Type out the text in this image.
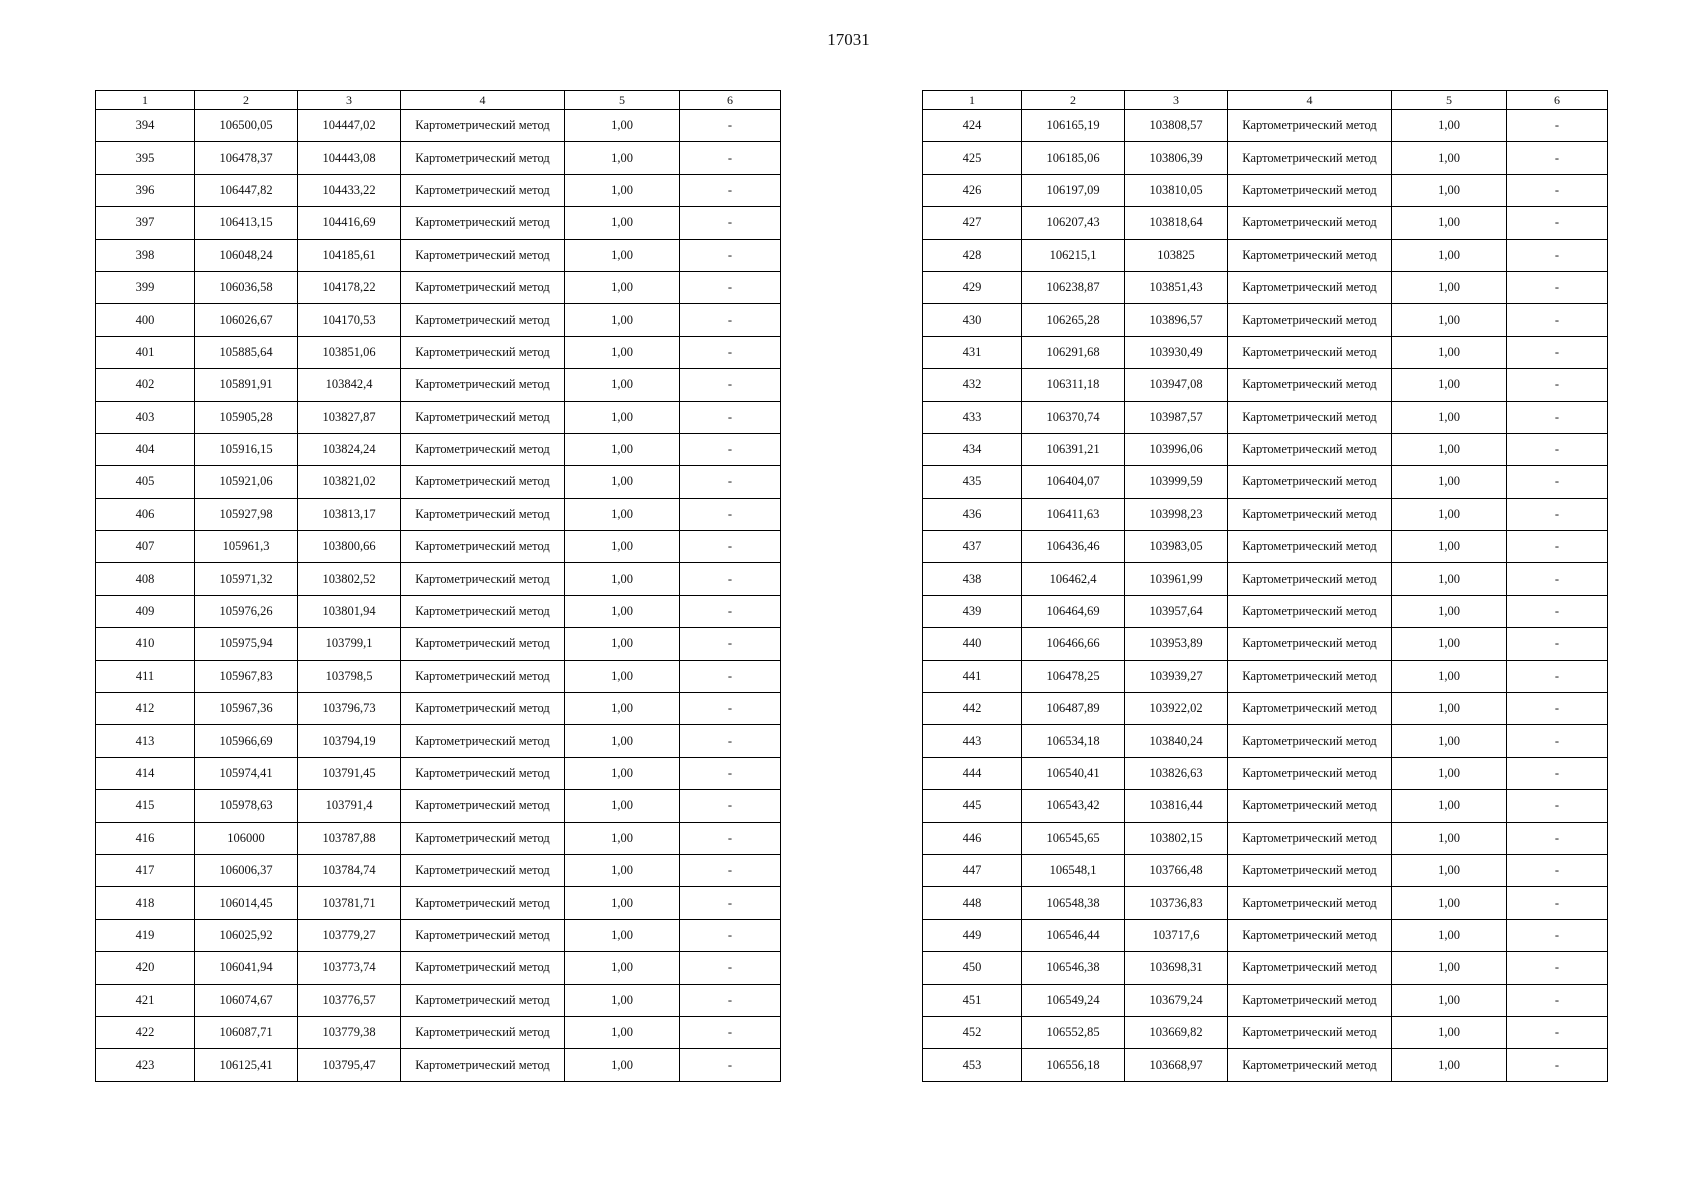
17031
1	2	3	4	5	6
394	106500,05	104447,02	Картометрический метод	1,00	-
395	106478,37	104443,08	Картометрический метод	1,00	-
396	106447,82	104433,22	Картометрический метод	1,00	-
397	106413,15	104416,69	Картометрический метод	1,00	-
398	106048,24	104185,61	Картометрический метод	1,00	-
399	106036,58	104178,22	Картометрический метод	1,00	-
400	106026,67	104170,53	Картометрический метод	1,00	-
401	105885,64	103851,06	Картометрический метод	1,00	-
402	105891,91	103842,4	Картометрический метод	1,00	-
403	105905,28	103827,87	Картометрический метод	1,00	-
404	105916,15	103824,24	Картометрический метод	1,00	-
405	105921,06	103821,02	Картометрический метод	1,00	-
406	105927,98	103813,17	Картометрический метод	1,00	-
407	105961,3	103800,66	Картометрический метод	1,00	-
408	105971,32	103802,52	Картометрический метод	1,00	-
409	105976,26	103801,94	Картометрический метод	1,00	-
410	105975,94	103799,1	Картометрический метод	1,00	-
411	105967,83	103798,5	Картометрический метод	1,00	-
412	105967,36	103796,73	Картометрический метод	1,00	-
413	105966,69	103794,19	Картометрический метод	1,00	-
414	105974,41	103791,45	Картометрический метод	1,00	-
415	105978,63	103791,4	Картометрический метод	1,00	-
416	106000	103787,88	Картометрический метод	1,00	-
417	106006,37	103784,74	Картометрический метод	1,00	-
418	106014,45	103781,71	Картометрический метод	1,00	-
419	106025,92	103779,27	Картометрический метод	1,00	-
420	106041,94	103773,74	Картометрический метод	1,00	-
421	106074,67	103776,57	Картометрический метод	1,00	-
422	106087,71	103779,38	Картометрический метод	1,00	-
423	106125,41	103795,47	Картометрический метод	1,00	-
1	2	3	4	5	6
424	106165,19	103808,57	Картометрический метод	1,00	-
425	106185,06	103806,39	Картометрический метод	1,00	-
426	106197,09	103810,05	Картометрический метод	1,00	-
427	106207,43	103818,64	Картометрический метод	1,00	-
428	106215,1	103825	Картометрический метод	1,00	-
429	106238,87	103851,43	Картометрический метод	1,00	-
430	106265,28	103896,57	Картометрический метод	1,00	-
431	106291,68	103930,49	Картометрический метод	1,00	-
432	106311,18	103947,08	Картометрический метод	1,00	-
433	106370,74	103987,57	Картометрический метод	1,00	-
434	106391,21	103996,06	Картометрический метод	1,00	-
435	106404,07	103999,59	Картометрический метод	1,00	-
436	106411,63	103998,23	Картометрический метод	1,00	-
437	106436,46	103983,05	Картометрический метод	1,00	-
438	106462,4	103961,99	Картометрический метод	1,00	-
439	106464,69	103957,64	Картометрический метод	1,00	-
440	106466,66	103953,89	Картометрический метод	1,00	-
441	106478,25	103939,27	Картометрический метод	1,00	-
442	106487,89	103922,02	Картометрический метод	1,00	-
443	106534,18	103840,24	Картометрический метод	1,00	-
444	106540,41	103826,63	Картометрический метод	1,00	-
445	106543,42	103816,44	Картометрический метод	1,00	-
446	106545,65	103802,15	Картометрический метод	1,00	-
447	106548,1	103766,48	Картометрический метод	1,00	-
448	106548,38	103736,83	Картометрический метод	1,00	-
449	106546,44	103717,6	Картометрический метод	1,00	-
450	106546,38	103698,31	Картометрический метод	1,00	-
451	106549,24	103679,24	Картометрический метод	1,00	-
452	106552,85	103669,82	Картометрический метод	1,00	-
453	106556,18	103668,97	Картометрический метод	1,00	-
